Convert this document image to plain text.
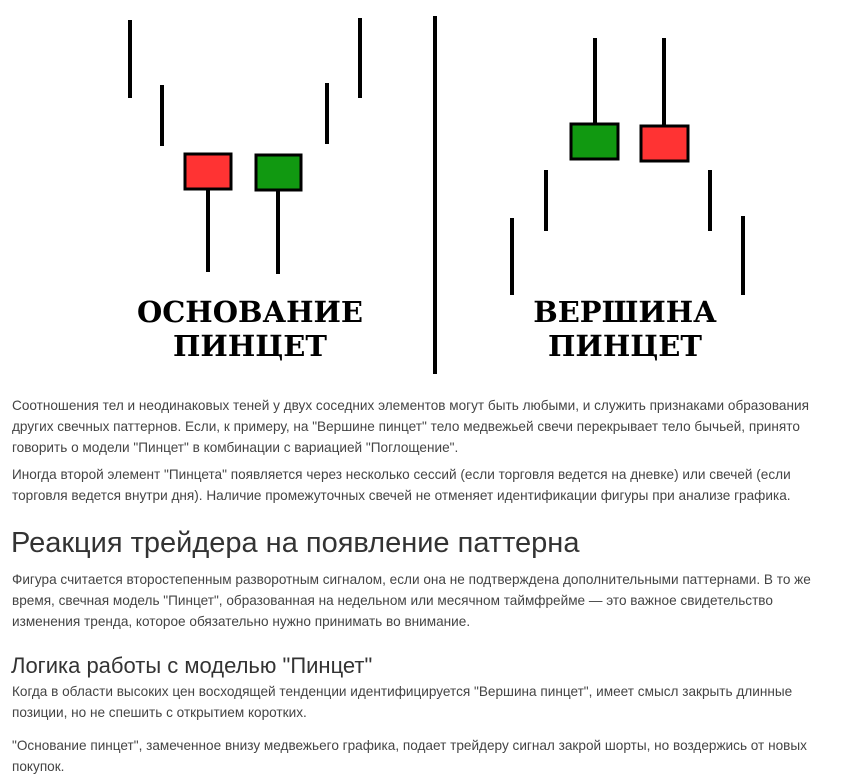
ОСНОВАНИЕ
ПИНЦЕТ
ВЕРШИНА
ПИНЦЕТ

Соотношения тел и неодинаковых теней у двух соседних элементов могут быть любыми, и служить признаками образования других свечных паттернов. Если, к примеру, на "Вершине пинцет" тело медвежьей свечи перекрывает тело бычьей, принято говорить о модели "Пинцет" в комбинации с вариацией "Поглощение".

Иногда второй элемент "Пинцета" появляется через несколько сессий (если торговля ведется на дневке) или свечей (если торговля ведется внутри дня). Наличие промежуточных свечей не отменяет идентификации фигуры при анализе графика.

Реакция трейдера на появление паттерна

Фигура считается второстепенным разворотным сигналом, если она не подтверждена дополнительными паттернами. В то же время, свечная модель "Пинцет", образованная на недельном или месячном таймфрейме — это важное свидетельство изменения тренда, которое обязательно нужно принимать во внимание.

Логика работы с моделью "Пинцет"

Когда в области высоких цен восходящей тенденции идентифицируется "Вершина пинцет", имеет смысл закрыть длинные позиции, но не спешить с открытием коротких.

"Основание пинцет", замеченное внизу медвежьего графика, подает трейдеру сигнал закрой шорты, но воздержись от новых покупок.
